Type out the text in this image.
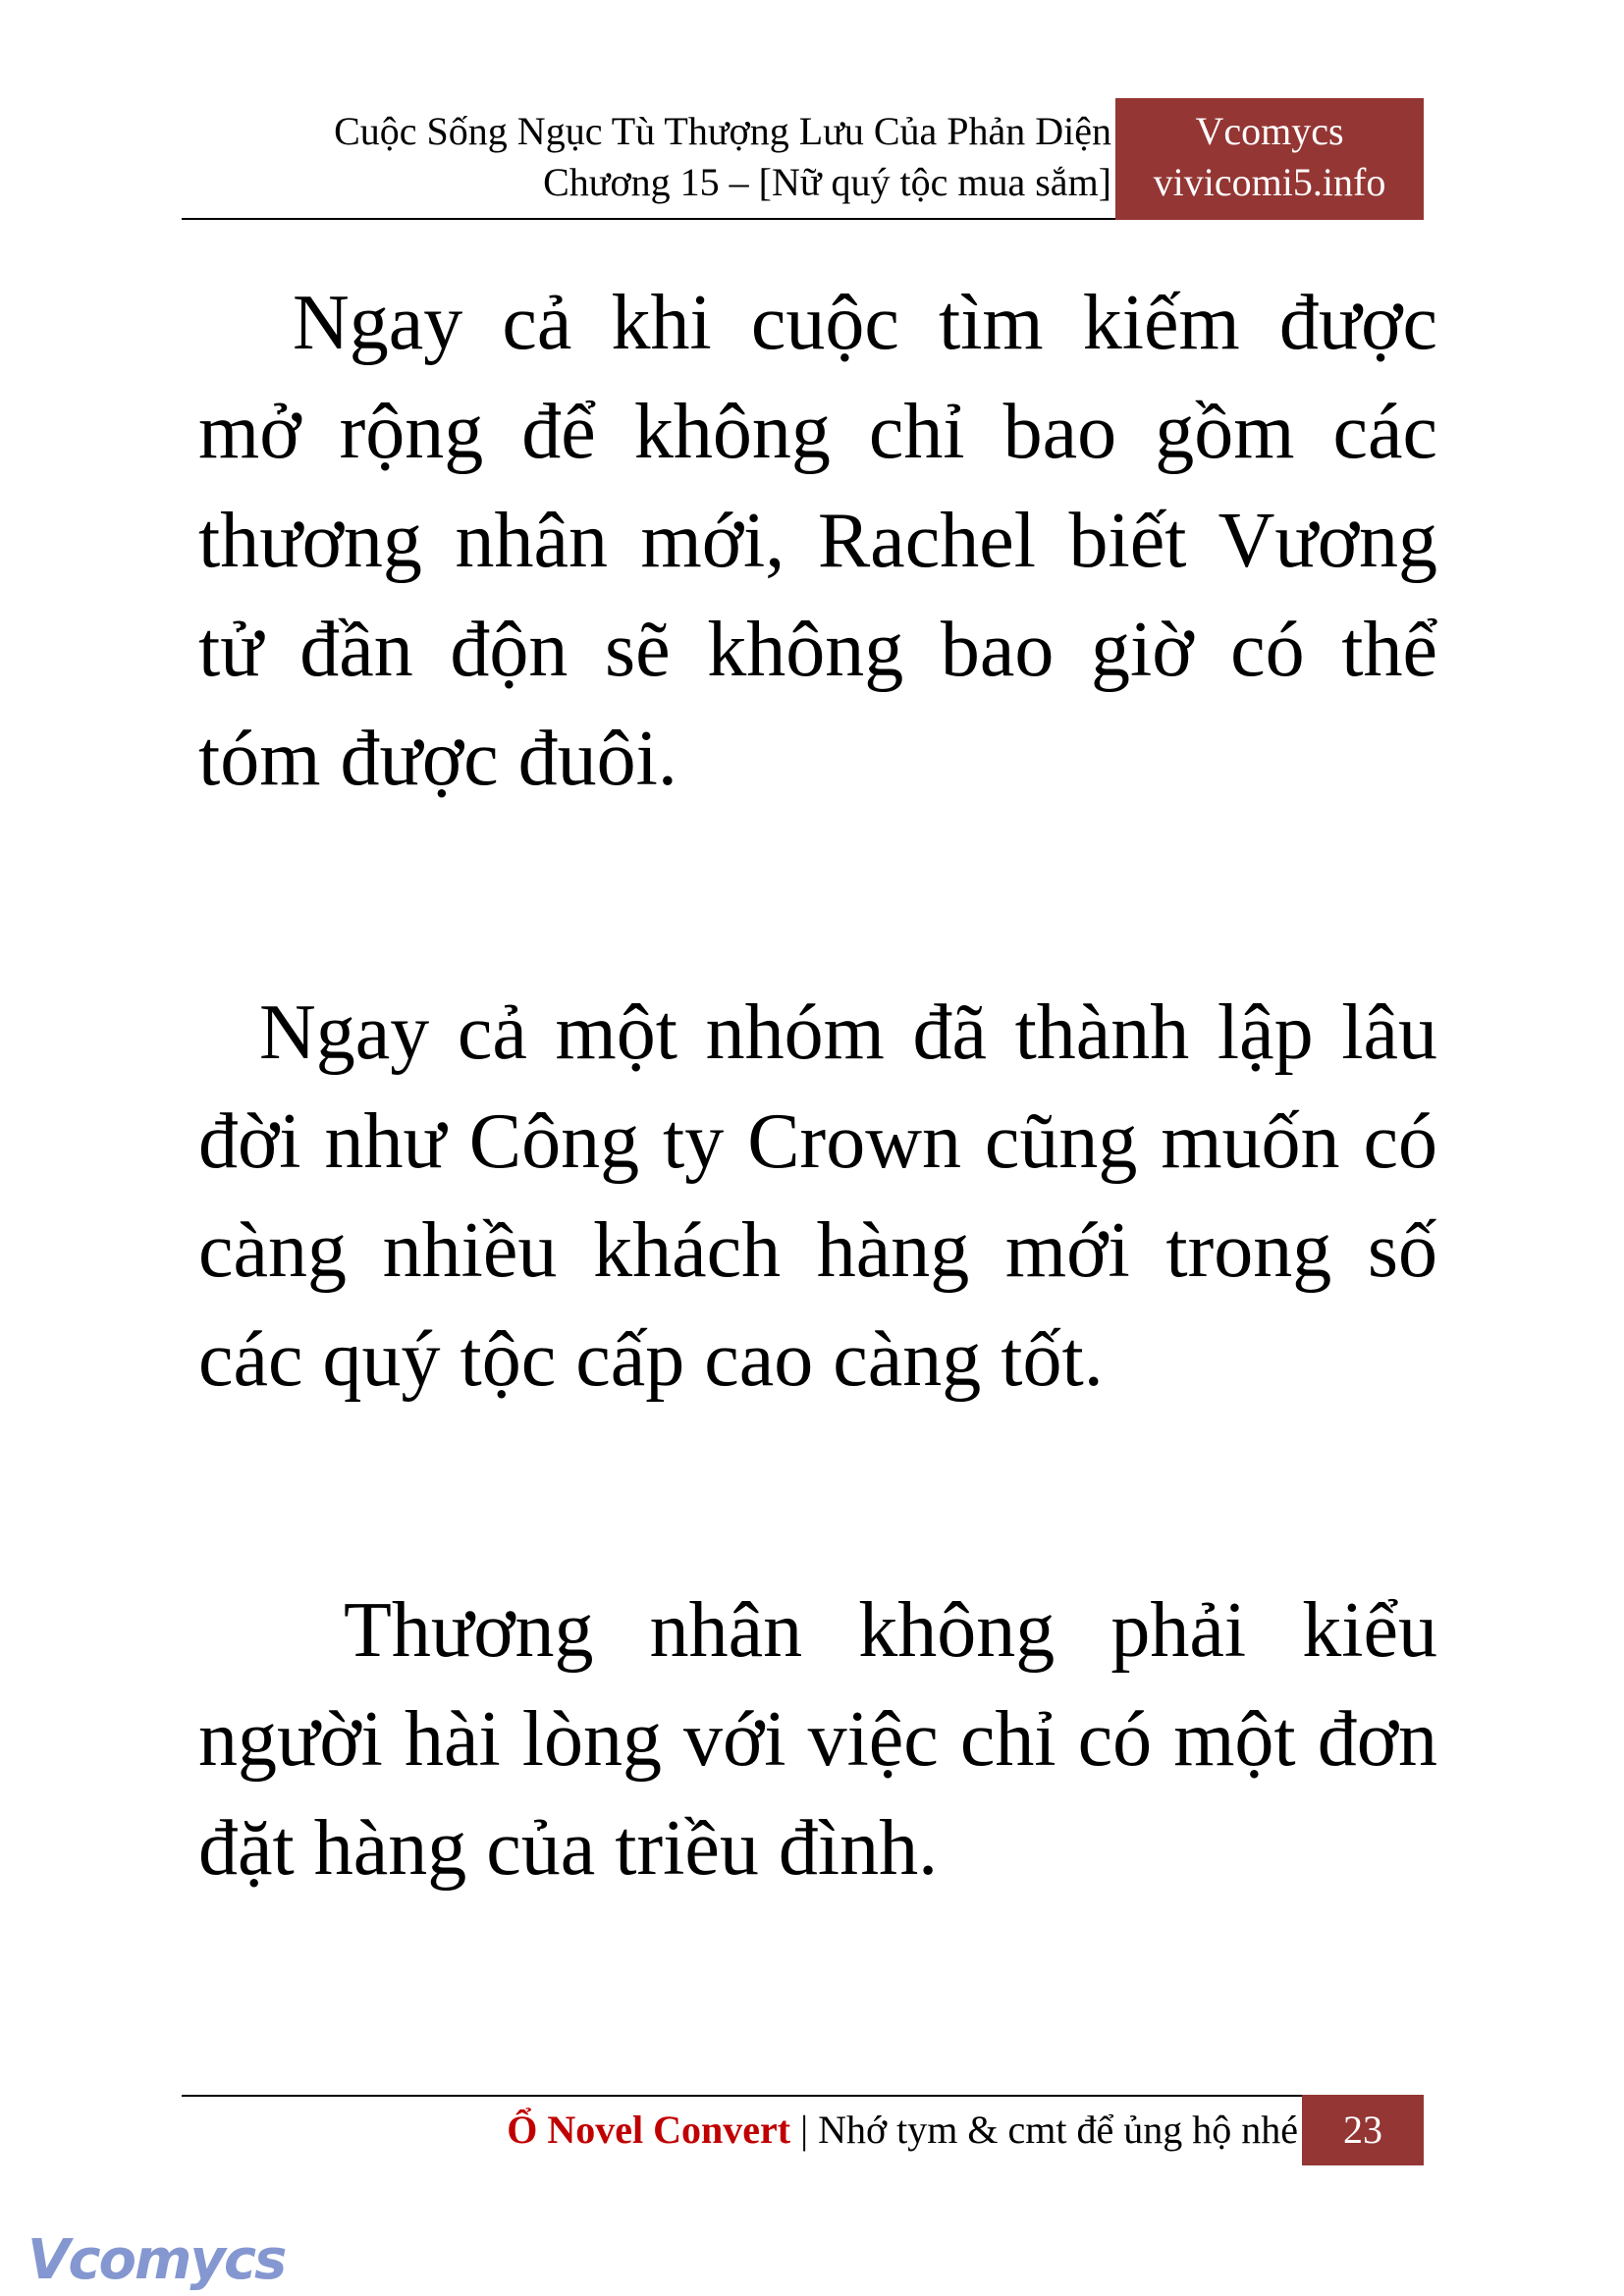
Cuộc Sống Ngục Tù Thượng Lưu Của Phản Diện
Chương 15 – [Nữ quý tộc mua sắm]
Vcomycs
vivicomi5.info

Ngay cả khi cuộc tìm kiếm được mở rộng để không chỉ bao gồm các thương nhân mới, Rachel biết Vương tử đần độn sẽ không bao giờ có thể tóm được đuôi.

Ngay cả một nhóm đã thành lập lâu đời như Công ty Crown cũng muốn có càng nhiều khách hàng mới trong số các quý tộc cấp cao càng tốt.

Thương nhân không phải kiểu người hài lòng với việc chỉ có một đơn đặt hàng của triều đình.

Ổ Novel Convert | Nhớ tym & cmt để ủng hộ nhé	23
Vcomycs
